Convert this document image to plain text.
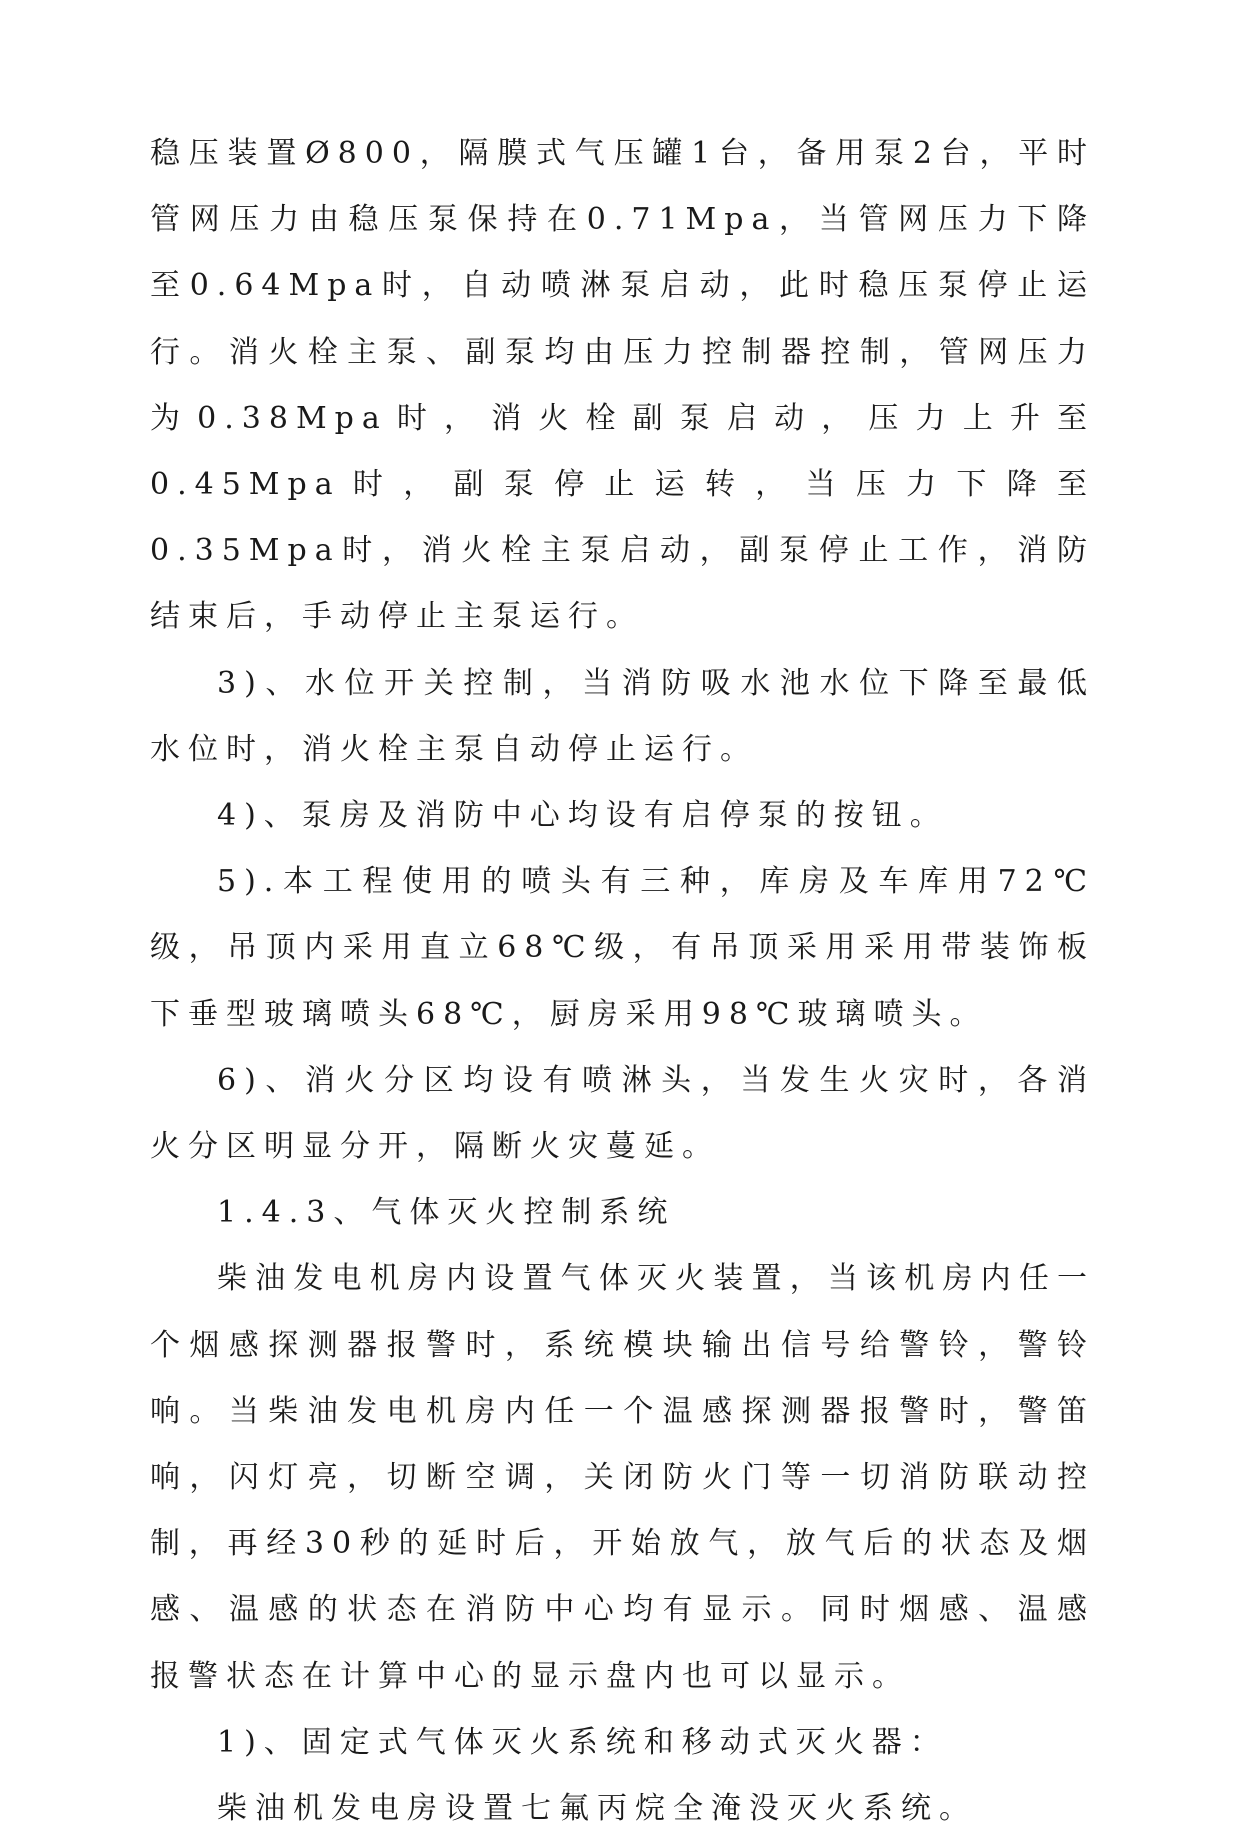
稳压装置Ø800，隔膜式气压罐1台，备用泵2台，平时管网压力由稳压泵保持在0.71Mpa，当管网压力下降至0.64Mpa时，自动喷淋泵启动，此时稳压泵停止运行。消火栓主泵、副泵均由压力控制器控制，管网压力为0.38Mpa时，消火栓副泵启动，压力上升至0.45Mpa时，副泵停止运转，当压力下降至0.35Mpa时，消火栓主泵启动，副泵停止工作，消防结束后，手动停止主泵运行。

3)、水位开关控制，当消防吸水池水位下降至最低水位时，消火栓主泵自动停止运行。

4)、泵房及消防中心均设有启停泵的按钮。

5).本工程使用的喷头有三种，库房及车库用72℃级，吊顶内采用直立68℃级，有吊顶采用采用带装饰板下垂型玻璃喷头68℃，厨房采用98℃玻璃喷头。

6)、消火分区均设有喷淋头，当发生火灾时，各消火分区明显分开，隔断火灾蔓延。

1.4.3、气体灭火控制系统

柴油发电机房内设置气体灭火装置，当该机房内任一个烟感探测器报警时，系统模块输出信号给警铃，警铃响。当柴油发电机房内任一个温感探测器报警时，警笛响，闪灯亮，切断空调，关闭防火门等一切消防联动控制，再经30秒的延时后，开始放气，放气后的状态及烟感、温感的状态在消防中心均有显示。同时烟感、温感报警状态在计算中心的显示盘内也可以显示。

1)、固定式气体灭火系统和移动式灭火器：

柴油机发电房设置七氟丙烷全淹没灭火系统。
